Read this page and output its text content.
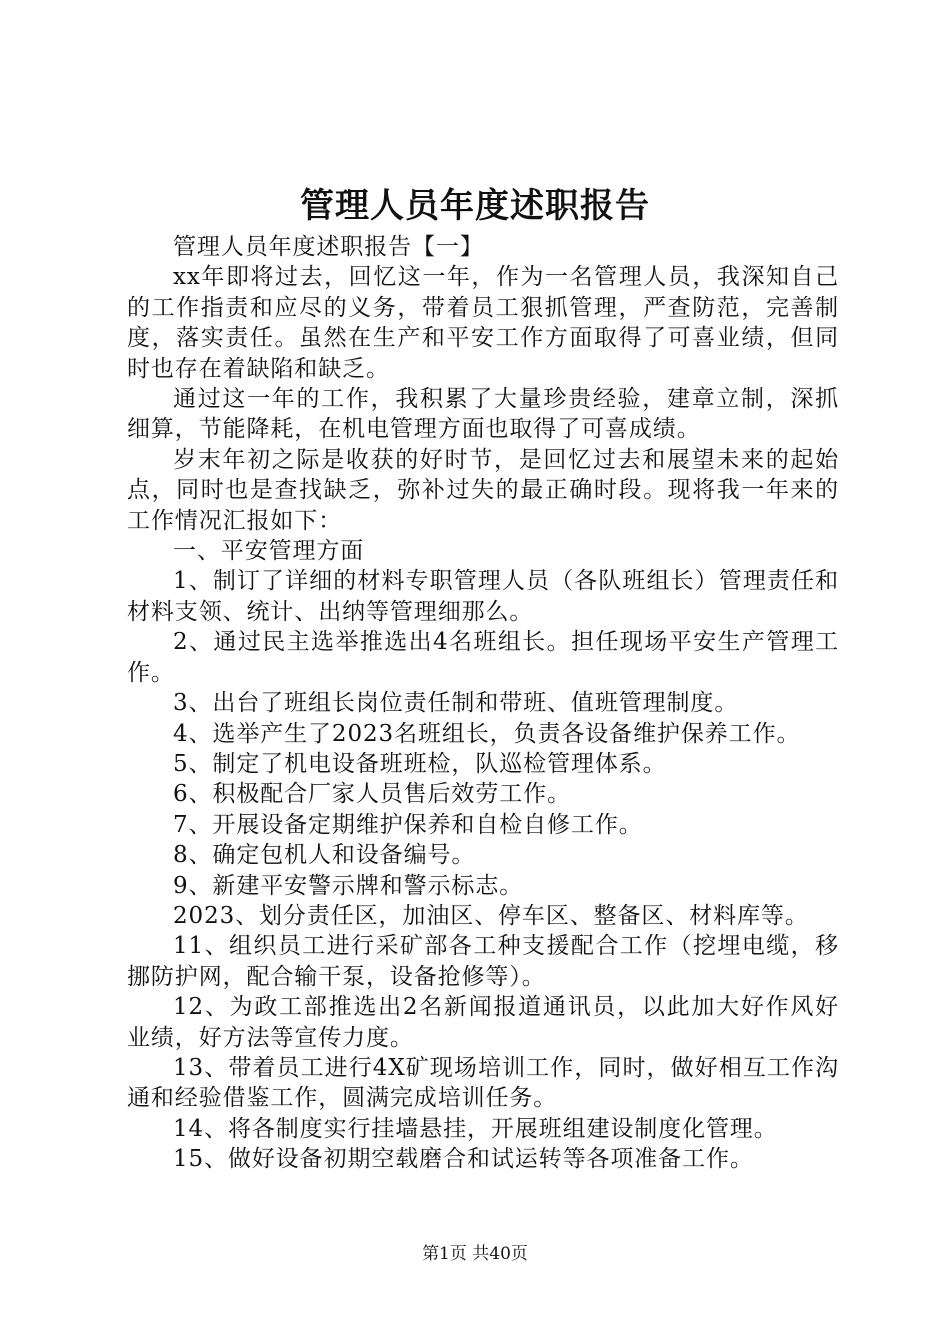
管理人员年度述职报告

管理人员年度述职报告【一】

xx年即将过去，回忆这一年，作为一名管理人员，我深知自己的工作指责和应尽的义务，带着员工狠抓管理，严查防范，完善制度，落实责任。虽然在生产和平安工作方面取得了可喜业绩，但同时也存在着缺陷和缺乏。

通过这一年的工作，我积累了大量珍贵经验，建章立制，深抓细算，节能降耗，在机电管理方面也取得了可喜成绩。

岁末年初之际是收获的好时节，是回忆过去和展望未来的起始点，同时也是查找缺乏，弥补过失的最正确时段。现将我一年来的工作情况汇报如下：

一、平安管理方面

1、制订了详细的材料专职管理人员（各队班组长）管理责任和材料支领、统计、出纳等管理细那么。

2、通过民主选举推选出4名班组长。担任现场平安生产管理工作。

3、出台了班组长岗位责任制和带班、值班管理制度。

4、选举产生了2023名班组长，负责各设备维护保养工作。

5、制定了机电设备班班检，队巡检管理体系。

6、积极配合厂家人员售后效劳工作。

7、开展设备定期维护保养和自检自修工作。

8、确定包机人和设备编号。

9、新建平安警示牌和警示标志。

2023、划分责任区，加油区、停车区、整备区、材料库等。

11、组织员工进行采矿部各工种支援配合工作（挖埋电缆，移挪防护网，配合输干泵，设备抢修等）。

12、为政工部推选出2名新闻报道通讯员，以此加大好作风好业绩，好方法等宣传力度。

13、带着员工进行4X矿现场培训工作，同时，做好相互工作沟通和经验借鉴工作，圆满完成培训任务。

14、将各制度实行挂墙悬挂，开展班组建设制度化管理。

15、做好设备初期空载磨合和试运转等各项准备工作。

第1页 共40页
